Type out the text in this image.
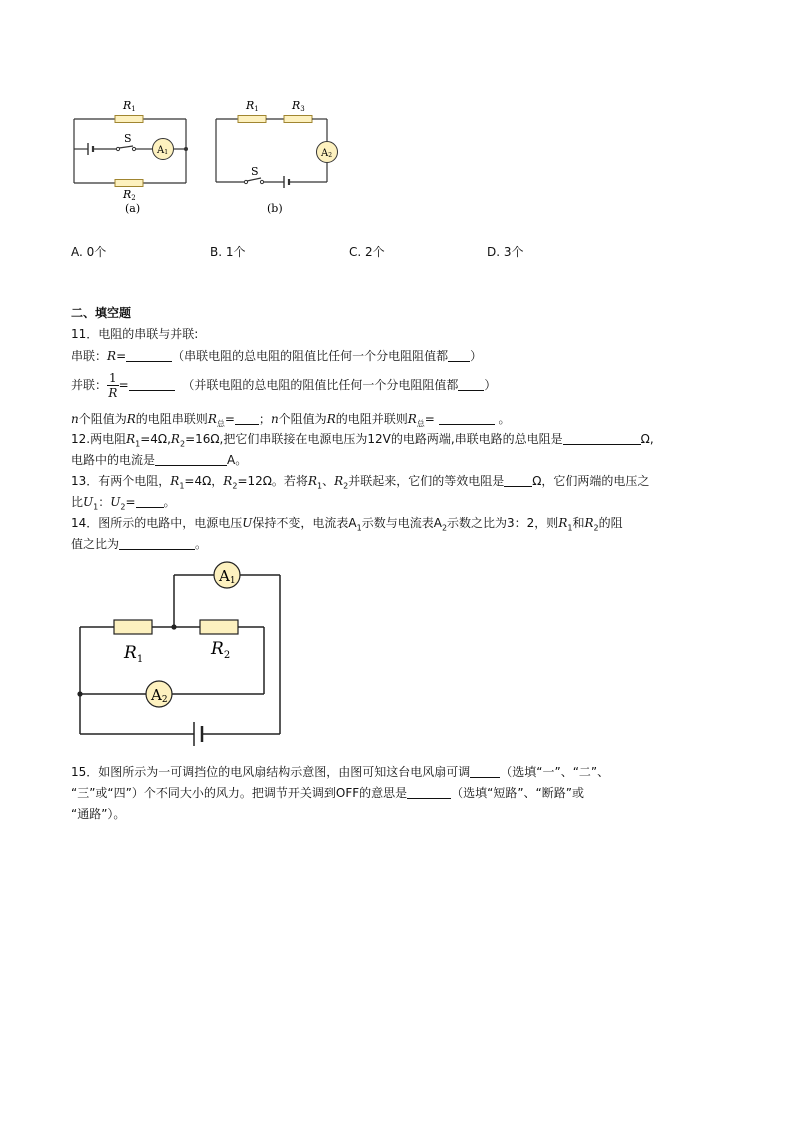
R1
S
A1
R2
(a)
R1	R3
A2
S
(b)
A. 0个	B. 1个	C. 2个	D. 3个
二、填空题
11．电阻的串联与并联:
串联：R=	（串联电阻的总电阻的阻值比任何一个分电阻阻值都 ）
并联： $\frac{1}{R}$ =	（并联电阻的总电阻的阻值比任何一个分电阻阻值都 ）
n个阻值为R的电阻串联则$R_总=$ ；n个阻值为R的电阻并联则$R_总=$	。
12.两电阻$R_1=4\Omega,R_2=16\Omega$,把它们串联接在电源电压为12V的电路两端,串联电路的总电阻是	Ω,
电路中的电流是	A。
13．有两个电阻，$R_1=4\Omega$，$R_2=12\Omega$。若将$R_1$、$R_2$并联起来，它们的等效电阻是 Ω，它们两端的电压之
比$U_1$：$U_2=$ 。
14．图所示的电路中，电源电压U保持不变，电流表$A_1$示数与电流表$A_2$示数之比为3：2，则$R_1$和$R_2$的阻
值之比为	。
A1
$R_1$
$R_2$
A2
15．如图所示为一可调挡位的电风扇结构示意图，由图可知这台电风扇可调	（选填“一”、“二”、
“三”或“四”）个不同大小的风力。把调节开关调到OFF的意思是	（选填“短路”、“断路”或
“通路”）。
